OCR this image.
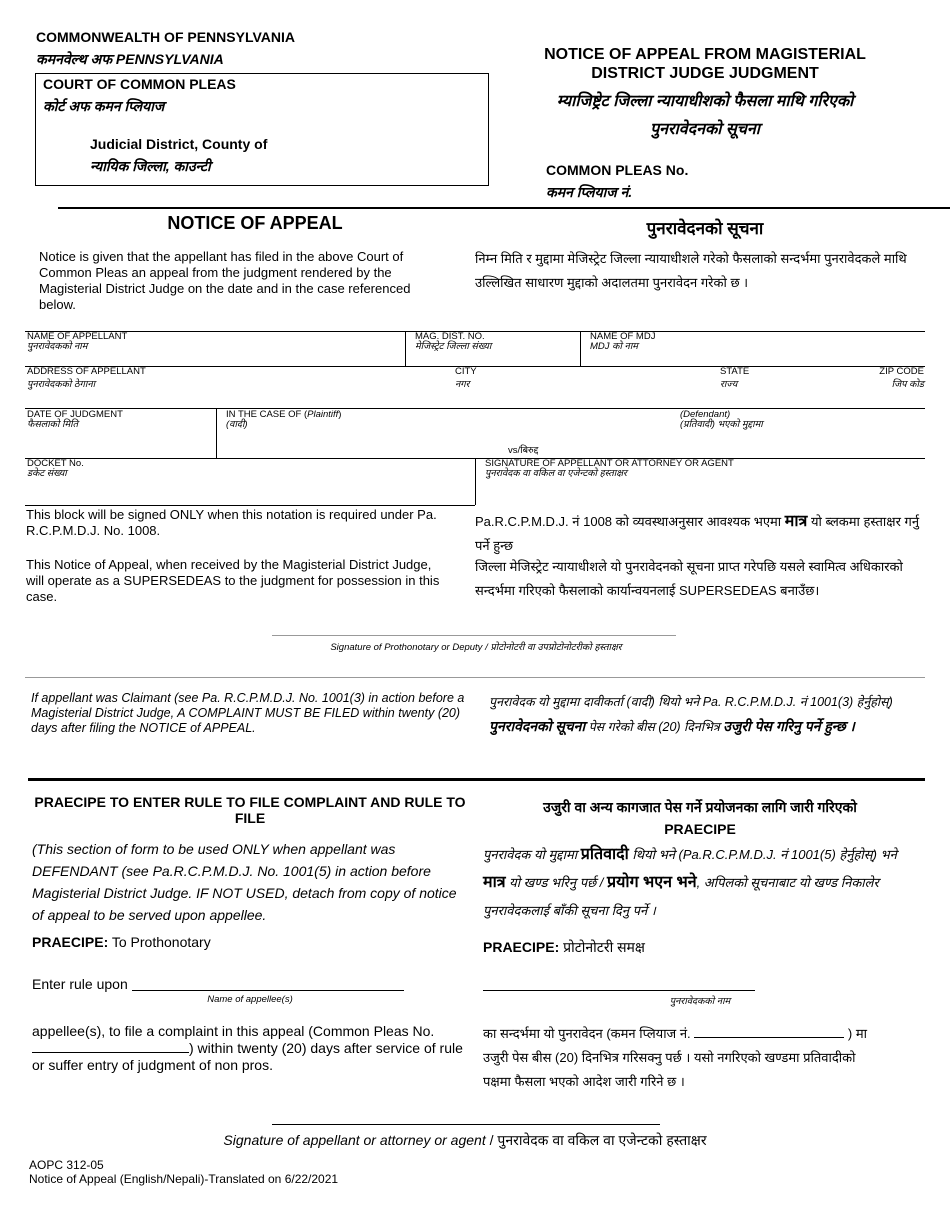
COMMONWEALTH OF PENNSYLVANIA
कमनवेल्थ अफ PENNSYLVANIA
COURT OF COMMON PLEAS
कोर्ट अफ कमन प्लियाज
Judicial District, County of
न्यायिक जिल्ला, काउन्टी
NOTICE OF APPEAL FROM MAGISTERIAL
DISTRICT JUDGE JUDGMENT
म्याजिष्ट्रेट जिल्ला न्यायाधीशको फैसला माथि गरिएको
पुनरावेदनको सूचना
COMMON PLEAS No.
कमन प्लियाज नं.
NOTICE OF APPEAL	पुनरावेदनको सूचना
Notice is given that the appellant has filed in the above Court of Common Pleas an appeal from the judgment rendered by the Magisterial District Judge on the date and in the case referenced below.
निम्न मिति र मुद्दामा मेजिस्ट्रेट जिल्ला न्यायाधीशले गरेको फैसलाको सन्दर्भमा पुनरावेदकले माथि उल्लिखित साधारण मुद्दाको अदालतमा पुनरावेदन गरेको छ ।
NAME OF APPELLANT
पुनरावेदकको नाम
MAG. DIST. NO.
मेजिस्ट्रेट जिल्ला संख्या
NAME OF MDJ
MDJ को नाम
ADDRESS OF APPELLANT
पुनरावेदकको ठेगाना
CITY
नगर
STATE
राज्य
ZIP CODE
जिप कोड
DATE OF JUDGMENT
फैसलाको मिति
IN THE CASE OF (Plaintiff)
(वादी)
(Defendant)
(प्रतिवादी) भएको मुद्दामा
vs/बिरुद्द
DOCKET No.
डकेट संख्या
SIGNATURE OF APPELLANT OR ATTORNEY OR AGENT
पुनरावेदक वा वकिल वा एजेन्टको हस्ताक्षर
This block will be signed ONLY when this notation is required under Pa. R.C.P.M.D.J. No. 1008.
Pa.R.C.P.M.D.J. नं 1008 को व्यवस्थाअनुसार आवश्यक भएमा मात्र यो ब्लकमा हस्ताक्षर गर्नु पर्ने हुन्छ
This Notice of Appeal, when received by the Magisterial District Judge, will operate as a SUPERSEDEAS to the judgment for possession in this case.
जिल्ला मेजिस्ट्रेट न्यायाधीशले यो पुनरावेदनको सूचना प्राप्त गरेपछि यसले स्वामित्व अधिकारको सन्दर्भमा गरिएको फैसलाको कार्यान्वयनलाई SUPERSEDEAS बनाउँछ।
Signature of Prothonotary or Deputy / प्रोटोनोटरी वा उपप्रोटोनोटरीको हस्ताक्षर
If appellant was Claimant (see Pa. R.C.P.M.D.J. No. 1001(3) in action before a Magisterial District Judge, A COMPLAINT MUST BE FILED within twenty (20) days after filing the NOTICE of APPEAL.
पुनरावेदक यो मुद्दामा दावीकर्ता (वादी) थियो भने Pa. R.C.P.M.D.J. नं 1001(3) हेर्नुहोस्) पुनरावेदनको सूचना पेस गरेको बीस (20) दिनभित्र उजुरी पेस गरिनु पर्ने हुन्छ ।
PRAECIPE TO ENTER RULE TO FILE COMPLAINT AND RULE TO FILE
उजुरी वा अन्य कागजात पेस गर्ने प्रयोजनका लागि जारी गरिएको
PRAECIPE
(This section of form to be used ONLY when appellant was DEFENDANT (see Pa.R.C.P.M.D.J. No. 1001(5) in action before Magisterial District Judge. IF NOT USED, detach from copy of notice of appeal to be served upon appellee.
पुनरावेदक यो मुद्दामा प्रतिवादी थियो भने (Pa.R.C.P.M.D.J. नं 1001(5) हेर्नुहोस्) भने मात्र यो खण्ड भरिनु पर्छ / प्रयोग भएन भने, अपिलको सूचनाबाट यो खण्ड निकालेर पुनरावेदकलाई बाँकी सूचना दिनु पर्ने ।
PRAECIPE: To Prothonotary	PRAECIPE: प्रोटोनोटरी समक्ष
Enter rule upon
Name of appellee(s)	पुनरावेदकको नाम
appellee(s), to file a complaint in this appeal (Common Pleas No.
) within twenty (20) days after service of rule
or suffer entry of judgment of non pros.
का सन्दर्भमा यो पुनरावेदन (कमन प्लियाज नं.	) मा
उजुरी पेस बीस (20) दिनभित्र गरिसक्नु पर्छ । यसो नगरिएको खण्डमा प्रतिवादीको
पक्षमा फैसला भएको आदेश जारी गरिने छ ।
Signature of appellant or attorney or agent / पुनरावेदक वा वकिल वा एजेन्टको हस्ताक्षर
AOPC 312-05
Notice of Appeal (English/Nepali)-Translated on 6/22/2021
